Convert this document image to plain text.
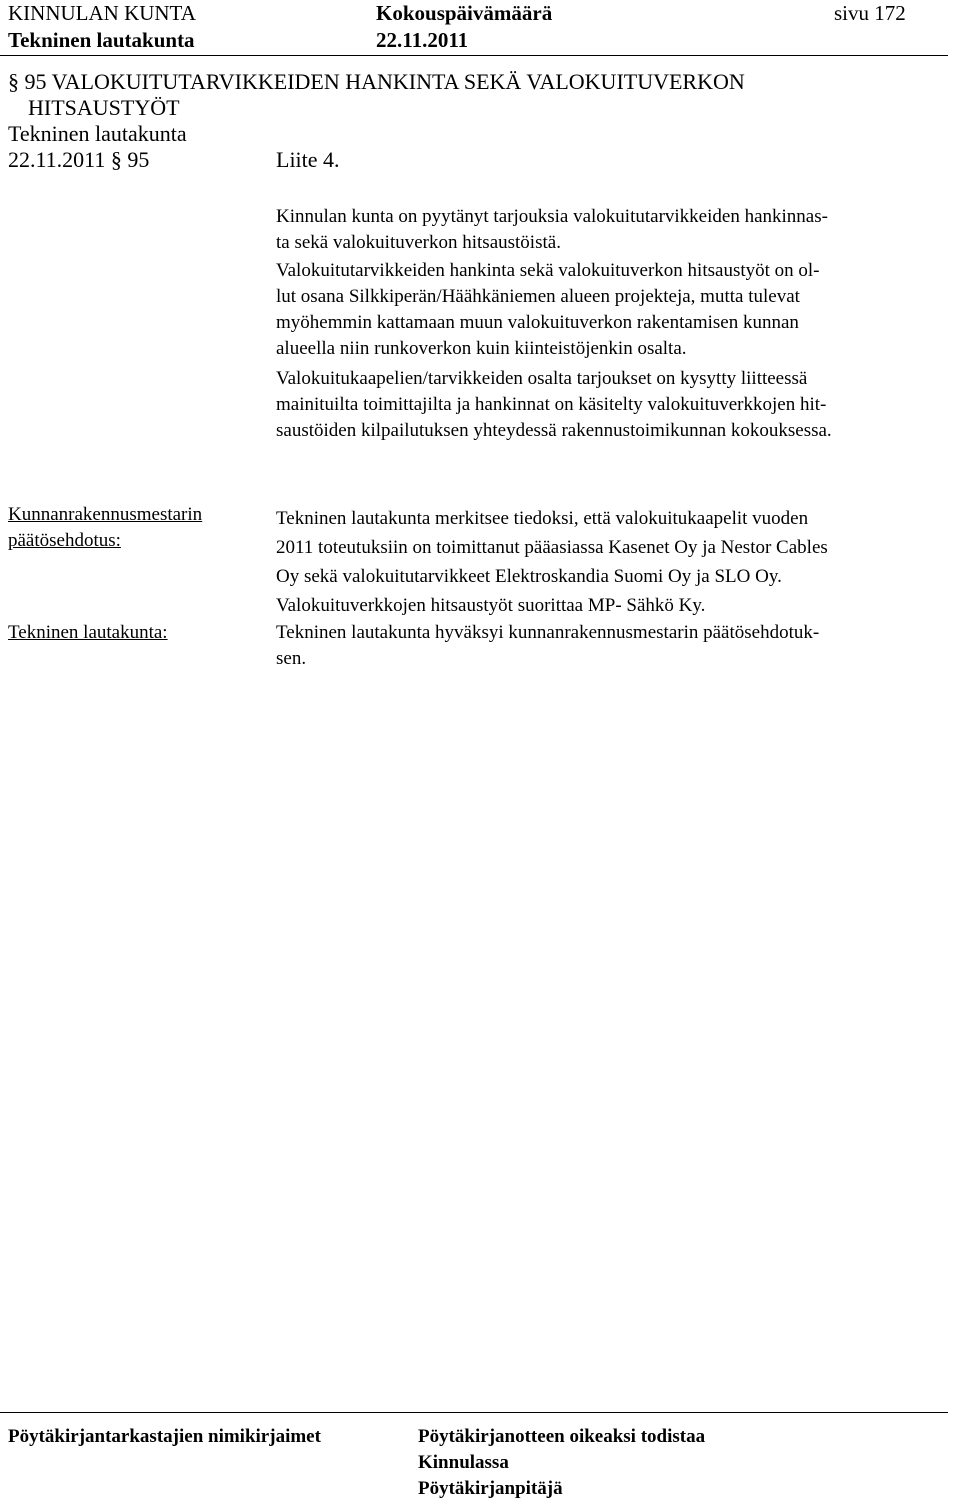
KINNULAN KUNTA	Kokouspäivämäärä	sivu 172
Tekninen lautakunta	22.11.2011
§ 95 VALOKUITUTARVIKKEIDEN HANKINTA SEKÄ VALOKUITUVERKON
HITSAUSTYÖT
Tekninen lautakunta
22.11.2011 § 95	Liite 4.
Kinnulan kunta on pyytänyt tarjouksia valokuitutarvikkeiden hankinnas-
ta sekä valokuituverkon hitsaustöistä.
Valokuitutarvikkeiden hankinta sekä valokuituverkon hitsaustyöt on ol-
lut osana Silkkiperän/Häähkäniemen alueen projekteja, mutta tulevat
myöhemmin kattamaan muun valokuituverkon rakentamisen kunnan
alueella niin runkoverkon kuin kiinteistöjenkin osalta.
Valokuitukaapelien/tarvikkeiden osalta tarjoukset on kysytty liitteessä
mainituilta toimittajilta ja hankinnat on käsitelty valokuituverkkojen hit-
saustöiden kilpailutuksen yhteydessä rakennustoimikunnan kokouksessa.
Kunnanrakennusmestarin
päätösehdotus:
Tekninen lautakunta merkitsee tiedoksi, että valokuitukaapelit vuoden
2011 toteutuksiin on toimittanut pääasiassa Kasenet Oy ja Nestor Cables
Oy sekä valokuitutarvikkeet Elektroskandia Suomi Oy ja SLO Oy.
Valokuituverkkojen hitsaustyöt suorittaa MP- Sähkö Ky.
Tekninen lautakunta:	Tekninen lautakunta hyväksyi kunnanrakennusmestarin päätösehdotuk-
sen.
Pöytäkirjantarkastajien nimikirjaimet	Pöytäkirjanotteen oikeaksi todistaa
Kinnulassa
Pöytäkirjanpitäjä
